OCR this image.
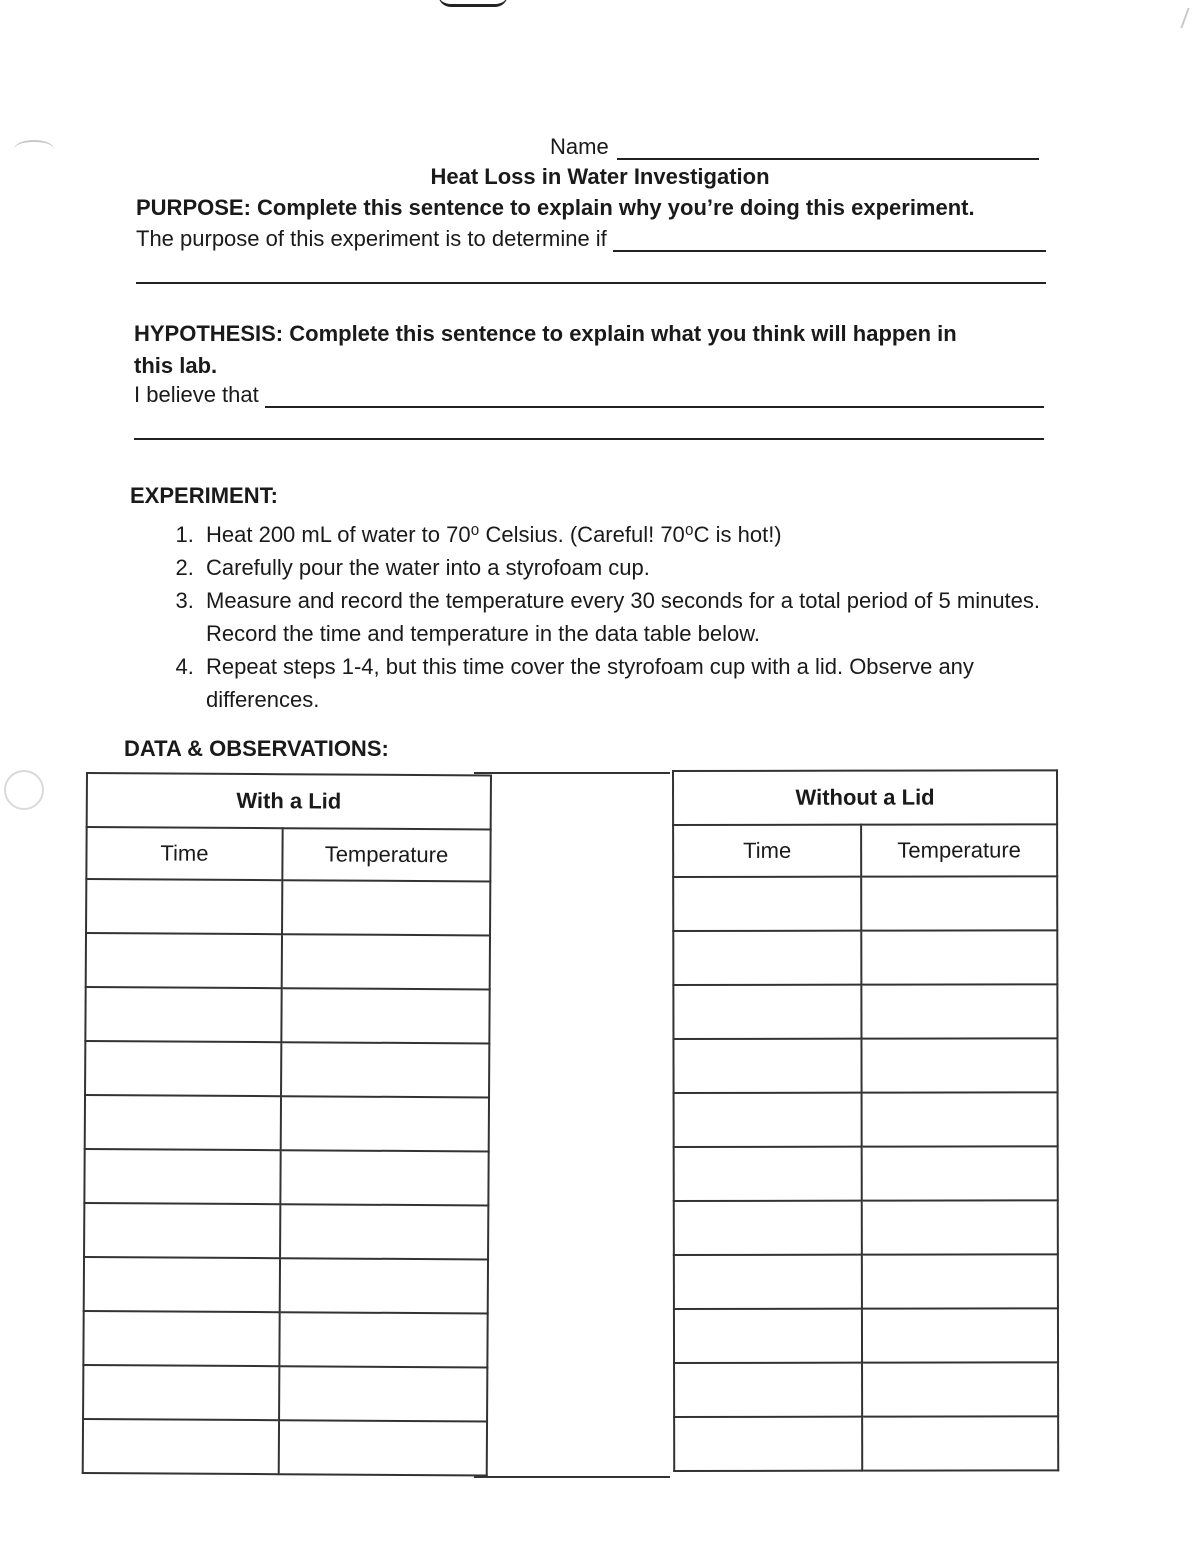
Name
Heat Loss in Water Investigation
PURPOSE: Complete this sentence to explain why you’re doing this experiment.
The purpose of this experiment is to determine if
HYPOTHESIS: Complete this sentence to explain what you think will happen in
this lab.
I believe that
EXPERIMENT:
1. Heat 200 mL of water to 70⁰ Celsius. (Careful! 70⁰C is hot!)
2. Carefully pour the water into a styrofoam cup.
3. Measure and record the temperature every 30 seconds for a total period of 5 minutes. Record the time and temperature in the data table below.
4. Repeat steps 1-4, but this time cover the styrofoam cup with a lid. Observe any differences.
DATA & OBSERVATIONS:
With a Lid	
Time	Temperature

Without a Lid	
Time	Temperature
